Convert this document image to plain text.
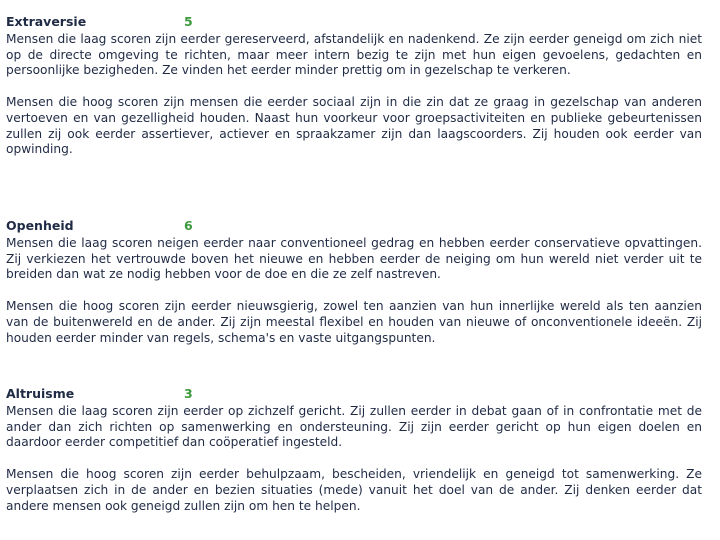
Extraversie	5

Mensen die laag scoren zijn eerder gereserveerd, afstandelijk en nadenkend. Ze zijn eerder geneigd om zich niet op de directe omgeving te richten, maar meer intern bezig te zijn met hun eigen gevoelens, gedachten en persoonlijke bezigheden. Ze vinden het eerder minder prettig om in gezelschap te verkeren.

Mensen die hoog scoren zijn mensen die eerder sociaal zijn in die zin dat ze graag in gezelschap van anderen vertoeven en van gezelligheid houden. Naast hun voorkeur voor groepsactiviteiten en publieke gebeurtenissen zullen zij ook eerder assertiever, actiever en spraakzamer zijn dan laagscoorders. Zij houden ook eerder van opwinding.

Openheid	6

Mensen die laag scoren neigen eerder naar conventioneel gedrag en hebben eerder conservatieve opvattingen. Zij verkiezen het vertrouwde boven het nieuwe en hebben eerder de neiging om hun wereld niet verder uit te breiden dan wat ze nodig hebben voor de doe en die ze zelf nastreven.

Mensen die hoog scoren zijn eerder nieuwsgierig, zowel ten aanzien van hun innerlijke wereld als ten aanzien van de buitenwereld en de ander. Zij zijn meestal flexibel en houden van nieuwe of onconventionele ideeën. Zij houden eerder minder van regels, schema's en vaste uitgangspunten.

Altruisme	3

Mensen die laag scoren zijn eerder op zichzelf gericht. Zij zullen eerder in debat gaan of in confrontatie met de ander dan zich richten op samenwerking en ondersteuning. Zij zijn eerder gericht op hun eigen doelen en daardoor eerder competitief dan coöperatief ingesteld.

Mensen die hoog scoren zijn eerder behulpzaam, bescheiden, vriendelijk en geneigd tot samenwerking. Ze verplaatsen zich in de ander en bezien situaties (mede) vanuit het doel van de ander. Zij denken eerder dat andere mensen ook geneigd zullen zijn om hen te helpen.
